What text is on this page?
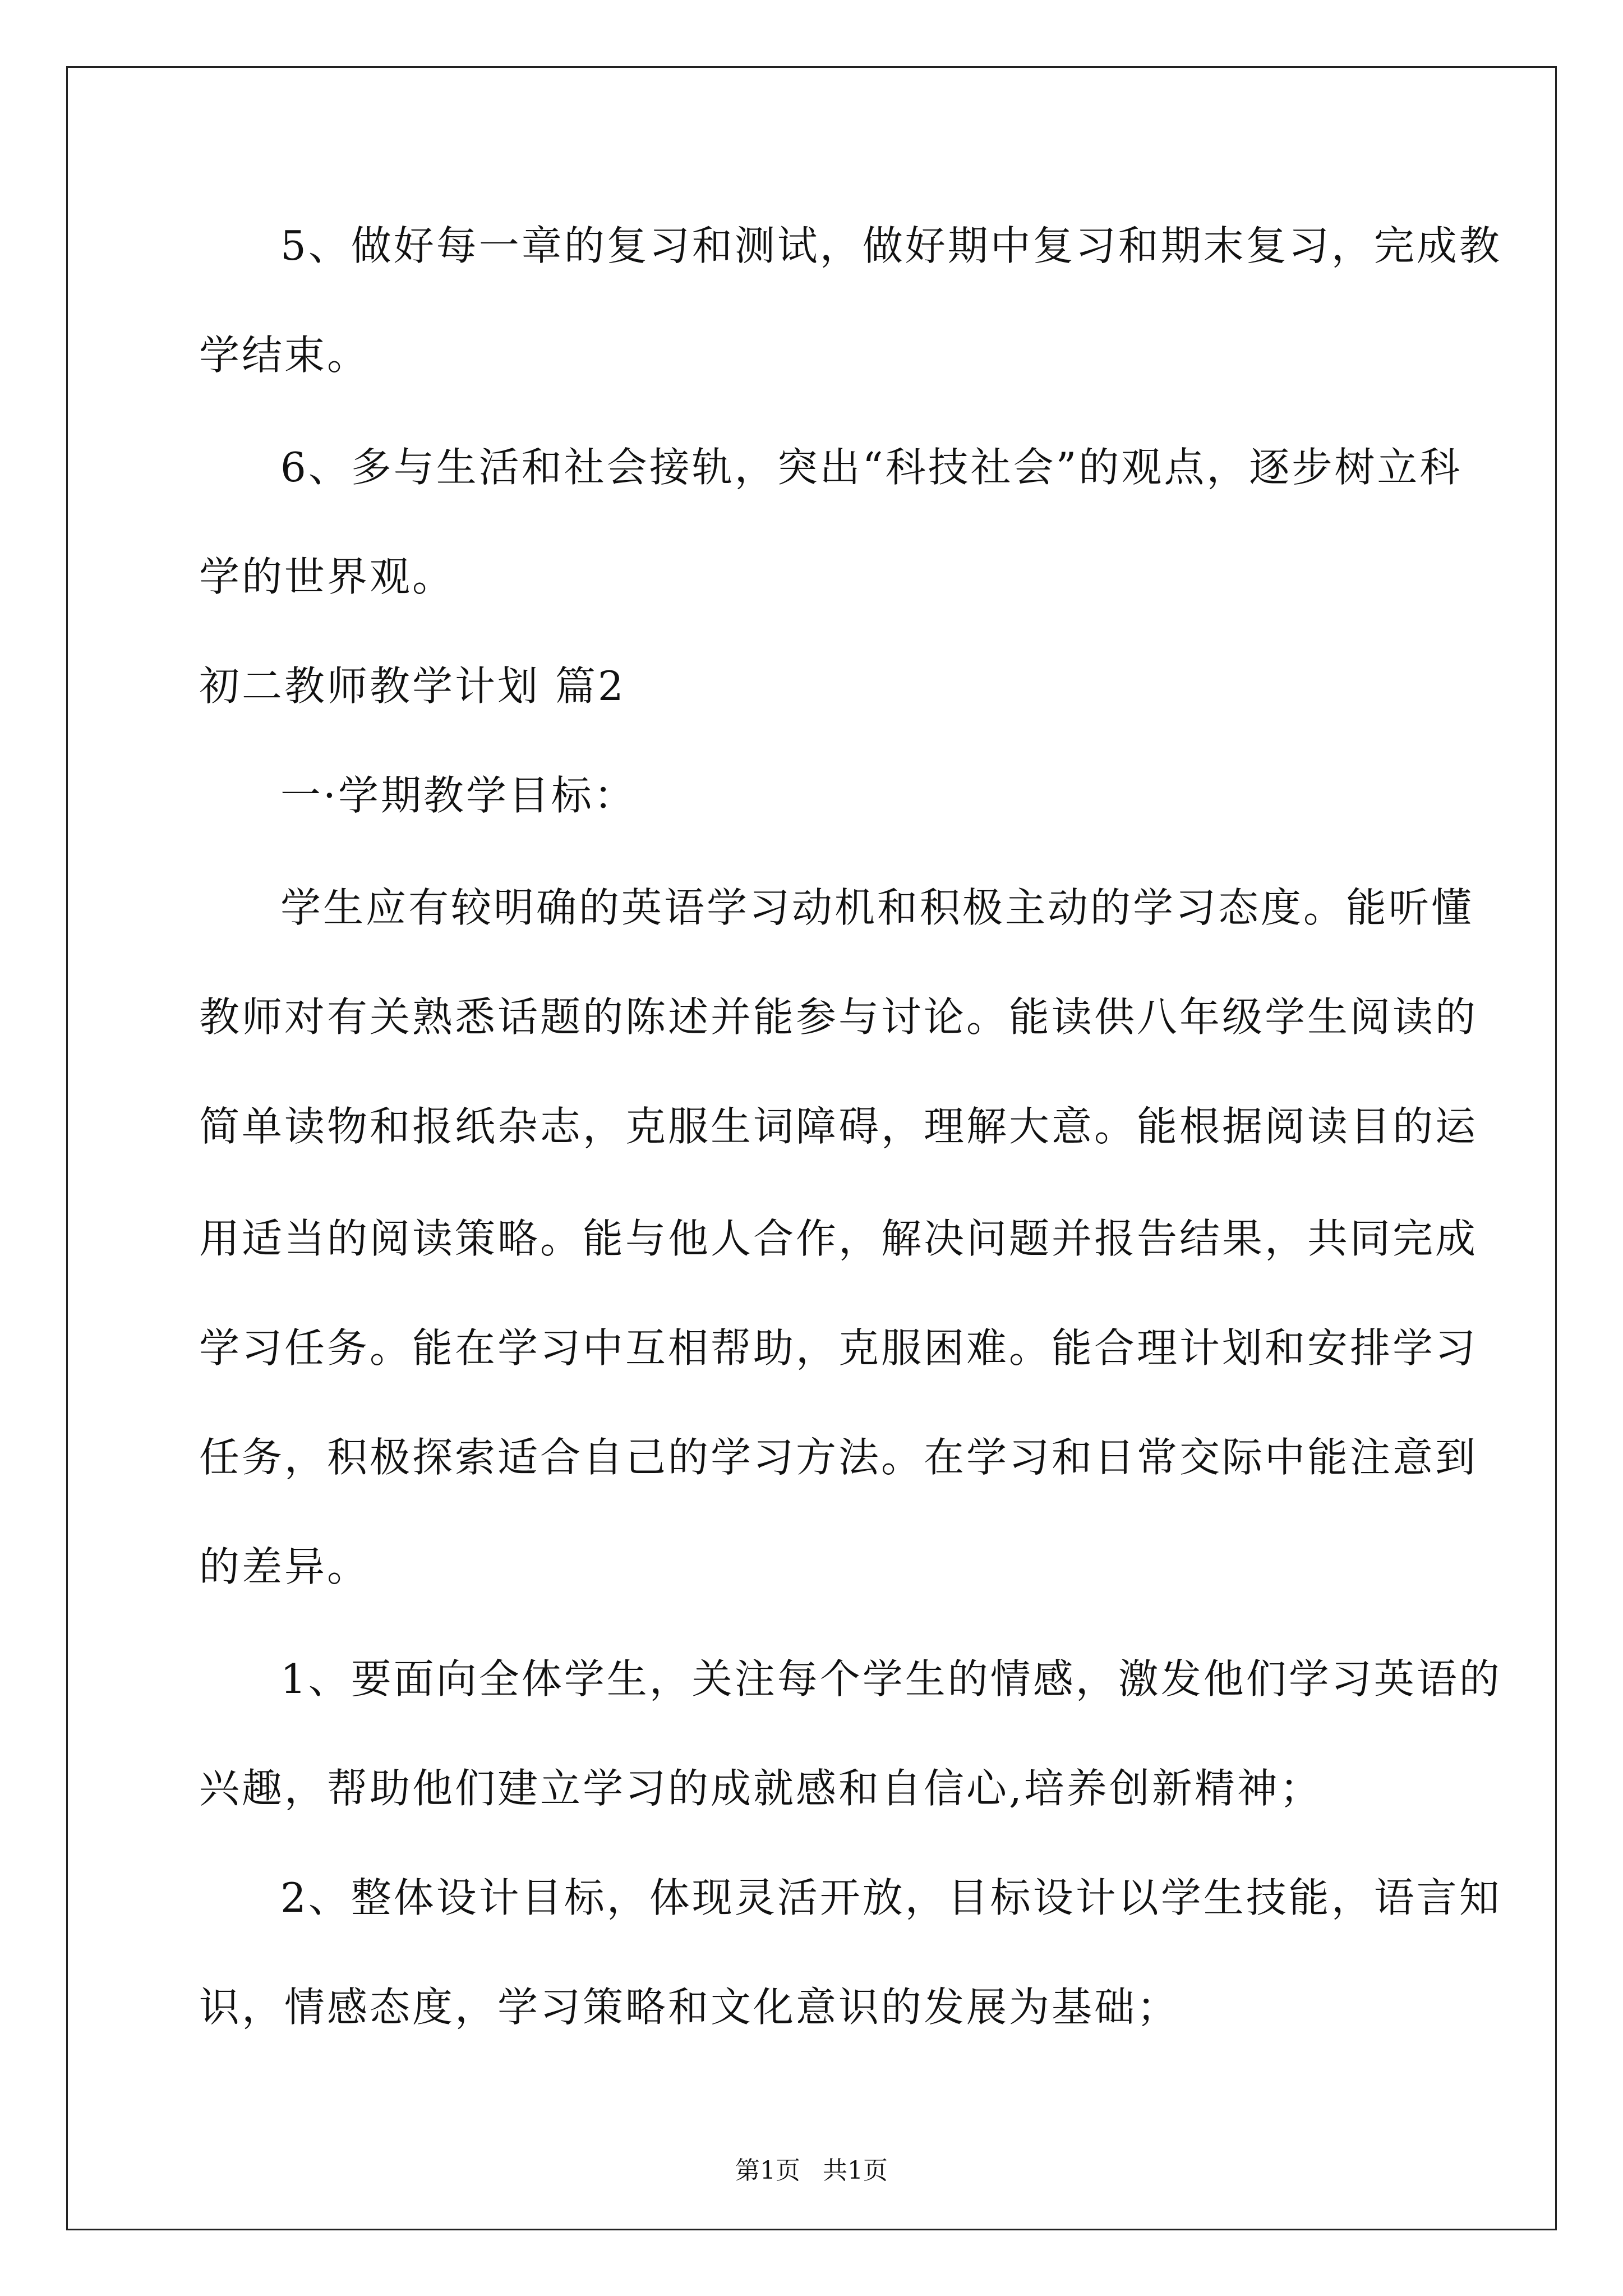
5、做好每一章的复习和测试，做好期中复习和期末复习，完成教
学结束。
6、多与生活和社会接轨，突出“科技社会”的观点，逐步树立科
学的世界观。
初二教师教学计划 篇2
一·学期教学目标：
学生应有较明确的英语学习动机和积极主动的学习态度。能听懂
教师对有关熟悉话题的陈述并能参与讨论。能读供八年级学生阅读的
简单读物和报纸杂志，克服生词障碍，理解大意。能根据阅读目的运
用适当的阅读策略。能与他人合作，解决问题并报告结果，共同完成
学习任务。能在学习中互相帮助，克服困难。能合理计划和安排学习
任务，积极探索适合自己的学习方法。在学习和日常交际中能注意到
的差异。
1、要面向全体学生，关注每个学生的情感，激发他们学习英语的
兴趣，帮助他们建立学习的成就感和自信心,培养创新精神；
2、整体设计目标，体现灵活开放，目标设计以学生技能，语言知
识，情感态度，学习策略和文化意识的发展为基础；
第1页 共1页
